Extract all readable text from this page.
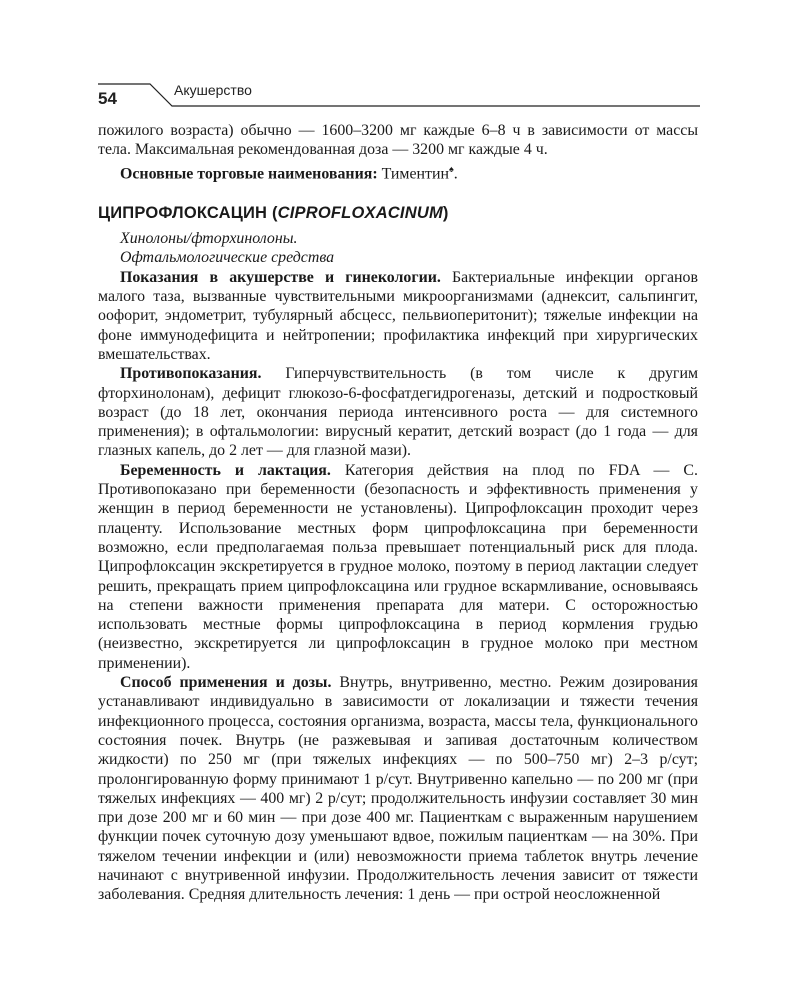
54	Акушерство

пожилого возраста) обычно — 1600–3200 мг каждые 6–8 ч в зависимости от массы тела. Максимальная рекомендованная доза — 3200 мг каждые 4 ч.

Основные торговые наименования: Тиментин♠.

ЦИПРОФЛОКСАЦИН (CIPROFLOXACINUM)

Хинолоны/фторхинолоны.

Офтальмологические средства

Показания в акушерстве и гинекологии. Бактериальные инфекции органов малого таза, вызванные чувствительными микроорганизмами (аднексит, сальпингит, оофорит, эндометрит, тубулярный абсцесс, пельвиоперитонит); тяжелые инфекции на фоне иммунодефицита и нейтропении; профилактика инфекций при хирургических вмешательствах.

Противопоказания. Гиперчувствительность (в том числе к другим фторхинолонам), дефицит глюкозо-6-фосфатдегидрогеназы, детский и подростковый возраст (до 18 лет, окончания периода интенсивного роста — для системного применения); в офтальмологии: вирусный кератит, детский возраст (до 1 года — для глазных капель, до 2 лет — для глазной мази).

Беременность и лактация. Категория действия на плод по FDA — C. Противопоказано при беременности (безопасность и эффективность применения у женщин в период беременности не установлены). Ципрофлоксацин проходит через плаценту. Использование местных форм ципрофлоксацина при беременности возможно, если предполагаемая польза превышает потенциальный риск для плода. Ципрофлоксацин экскретируется в грудное молоко, поэтому в период лактации следует решить, прекращать прием ципрофлоксацина или грудное вскармливание, основываясь на степени важности применения препарата для матери. С осторожностью использовать местные формы ципрофлоксацина в период кормления грудью (неизвестно, экскретируется ли ципрофлоксацин в грудное молоко при местном применении).

Способ применения и дозы. Внутрь, внутривенно, местно. Режим дозирования устанавливают индивидуально в зависимости от локализации и тяжести течения инфекционного процесса, состояния организма, возраста, массы тела, функционального состояния почек. Внутрь (не разжевывая и запивая достаточным количеством жидкости) по 250 мг (при тяжелых инфекциях — по 500–750 мг) 2–3 р/сут; пролонгированную форму принимают 1 р/сут. Внутривенно капельно — по 200 мг (при тяжелых инфекциях — 400 мг) 2 р/сут; продолжительность инфузии составляет 30 мин при дозе 200 мг и 60 мин — при дозе 400 мг. Пациенткам с выраженным нарушением функции почек суточную дозу уменьшают вдвое, пожилым пациенткам — на 30%. При тяжелом течении инфекции и (или) невозможности приема таблеток внутрь лечение начинают с внутривенной инфузии. Продолжительность лечения зависит от тяжести заболевания. Средняя длительность лечения: 1 день — при острой неосложненной
